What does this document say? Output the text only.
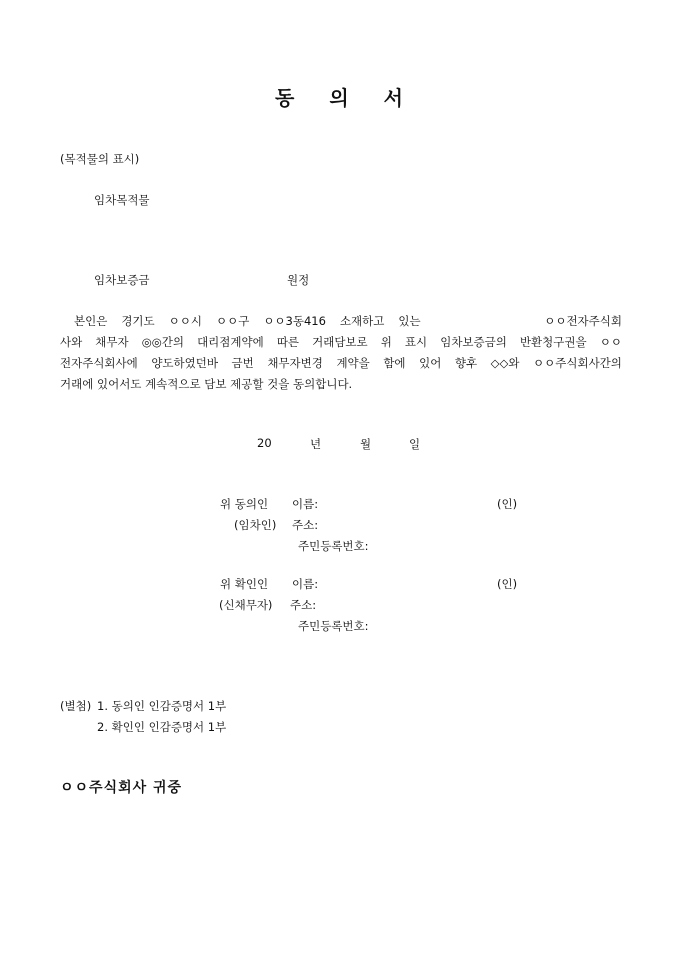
동 의 서
(목적물의 표시)
임차목적물
임차보증금	원정
본인은 경기도 ㅇㅇ시 ㅇㅇ구 ㅇㅇ3동416 소재하고 있는	ㅇㅇ전자주식회
사와 채무자 ◎◎간의 대리점계약에 따른 거래담보로 위 표시 임차보증금의 반환청구권을 ㅇㅇ
전자주식회사에 양도하였던바 금번 채무자변경 계약을 함에 있어 향후 ◇◇와 ㅇㅇ주식회사간의
거래에 있어서도 계속적으로 담보 제공할 것을 동의합니다.
20	년	월	일
위 동의인 이름:	(인)
(임차인) 주소:
주민등록번호:
위 확인인 이름:	(인)
(신채무자) 주소:
주민등록번호:
(별첨) 1. 동의인 인감증명서 1부
2. 확인인 인감증명서 1부
ㅇㅇ주식회사 귀중
